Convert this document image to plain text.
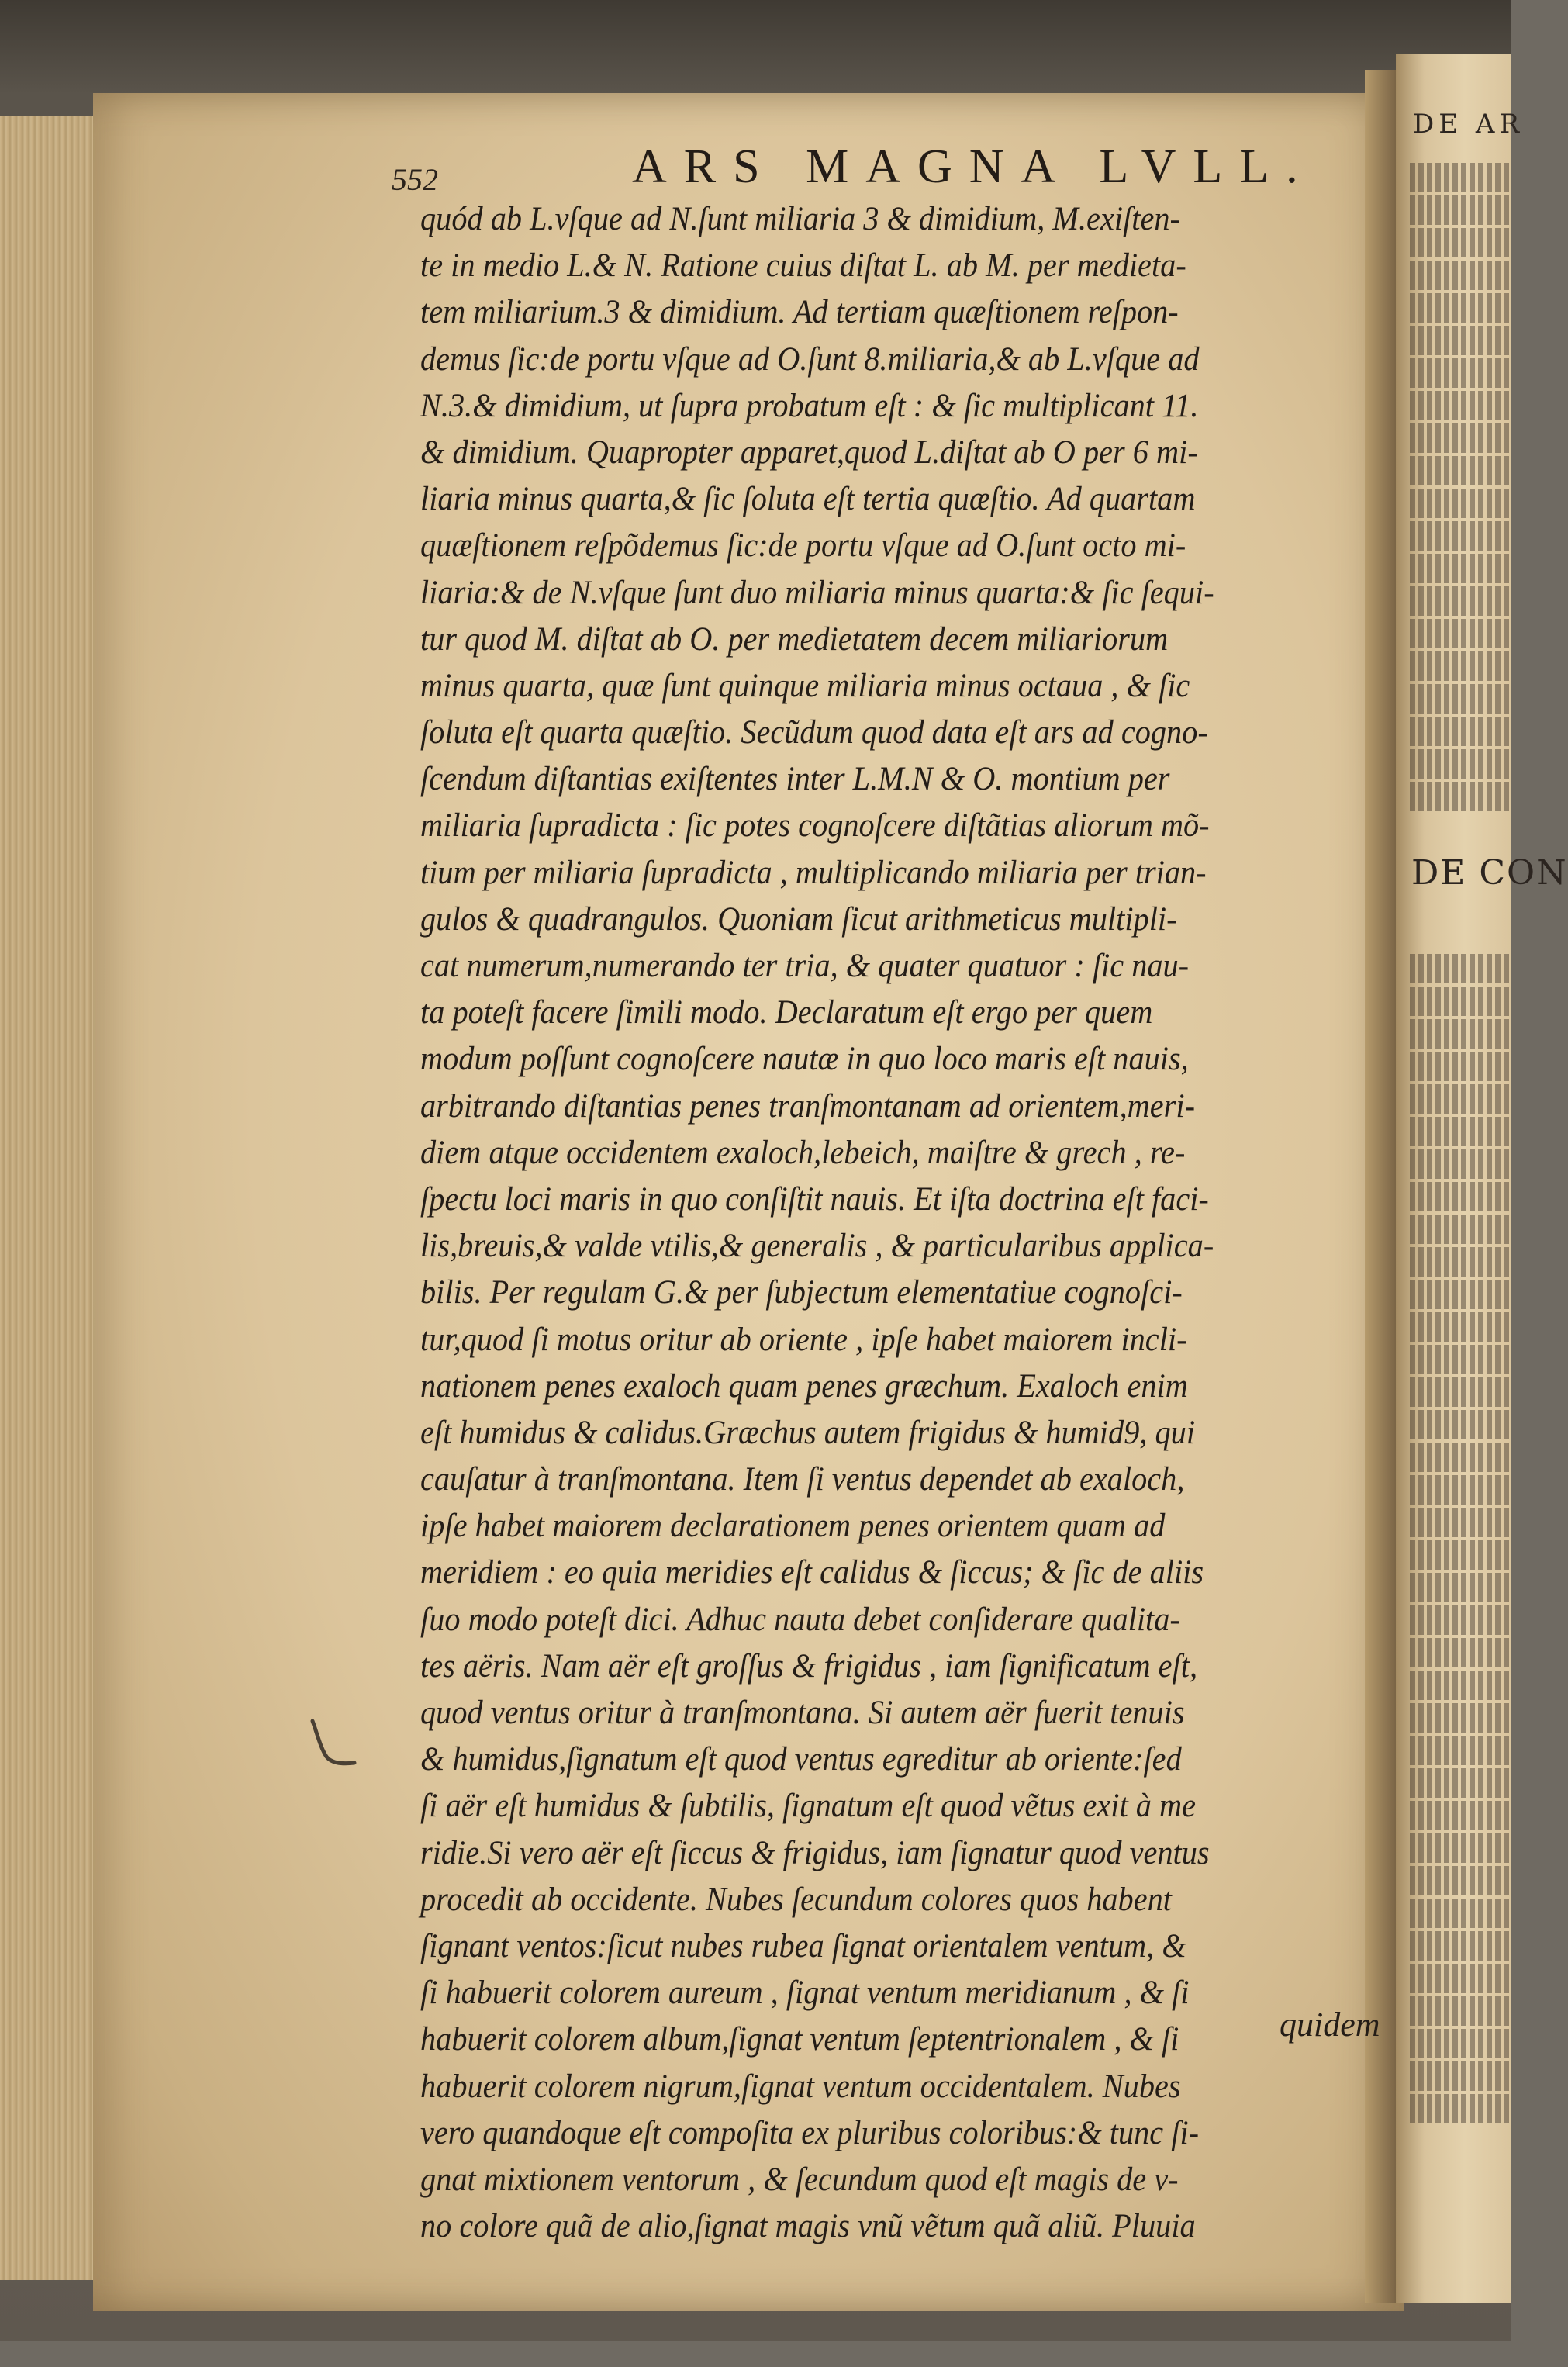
DE AR
DE CON
552	ARS MAGNA LVLL.
quód ab L.vſque ad N.ſunt miliaria 3 & dimidium, M.exiſten-
te in medio L.& N. Ratione cuius diſtat L. ab M. per medieta-
tem miliarium.3 & dimidium. Ad tertiam quæſtionem reſpon-
demus ſic:de portu vſque ad O.ſunt 8.miliaria,& ab L.vſque ad
N.3.& dimidium, ut ſupra probatum eſt : & ſic multiplicant 11.
& dimidium. Quapropter apparet,quod L.diſtat ab O per 6 mi-
liaria minus quarta,& ſic ſoluta eſt tertia quæſtio. Ad quartam
quæſtionem reſpõdemus ſic:de portu vſque ad O.ſunt octo mi-
liaria:& de N.vſque ſunt duo miliaria minus quarta:& ſic ſequi-
tur quod M. diſtat ab O. per medietatem decem miliariorum
minus quarta, quæ ſunt quinque miliaria minus octaua , & ſic
ſoluta eſt quarta quæſtio. Secũdum quod data eſt ars ad cogno-
ſcendum diſtantias exiſtentes inter L.M.N & O. montium per
miliaria ſupradicta : ſic potes cognoſcere diſtãtias aliorum mõ-
tium per miliaria ſupradicta , multiplicando miliaria per trian-
gulos & quadrangulos. Quoniam ſicut arithmeticus multipli-
cat numerum,numerando ter tria, & quater quatuor : ſic nau-
ta poteſt facere ſimili modo. Declaratum eſt ergo per quem
modum poſſunt cognoſcere nautæ in quo loco maris eſt nauis,
arbitrando diſtantias penes tranſmontanam ad orientem,meri-
diem atque occidentem exaloch,lebeich, maiſtre & grech , re-
ſpectu loci maris in quo conſiſtit nauis. Et iſta doctrina eſt faci-
lis,breuis,& valde vtilis,& generalis , & particularibus applica-
bilis. Per regulam G.& per ſubjectum elementatiue cognoſci-
tur,quod ſi motus oritur ab oriente , ipſe habet maiorem incli-
nationem penes exaloch quam penes græchum. Exaloch enim
eſt humidus & calidus.Græchus autem frigidus & humid9, qui
cauſatur à tranſmontana. Item ſi ventus dependet ab exaloch,
ipſe habet maiorem declarationem penes orientem quam ad
meridiem : eo quia meridies eſt calidus & ſiccus; & ſic de aliis
ſuo modo poteſt dici. Adhuc nauta debet conſiderare qualita-
tes aëris. Nam aër eſt groſſus & frigidus , iam ſignificatum eſt,
quod ventus oritur à tranſmontana. Si autem aër fuerit tenuis
& humidus,ſignatum eſt quod ventus egreditur ab oriente:ſed
ſi aër eſt humidus & ſubtilis, ſignatum eſt quod vẽtus exit à me
ridie.Si vero aër eſt ſiccus & frigidus, iam ſignatur quod ventus
procedit ab occidente. Nubes ſecundum colores quos habent
ſignant ventos:ſicut nubes rubea ſignat orientalem ventum, &
ſi habuerit colorem aureum , ſignat ventum meridianum , & ſi
habuerit colorem album,ſignat ventum ſeptentrionalem , & ſi
habuerit colorem nigrum,ſignat ventum occidentalem. Nubes
vero quandoque eſt compoſita ex pluribus coloribus:& tunc ſi-
gnat mixtionem ventorum , & ſecundum quod eſt magis de v-
no colore quã de alio,ſignat magis vnũ vẽtum quã aliũ. Pluuia
quidem
